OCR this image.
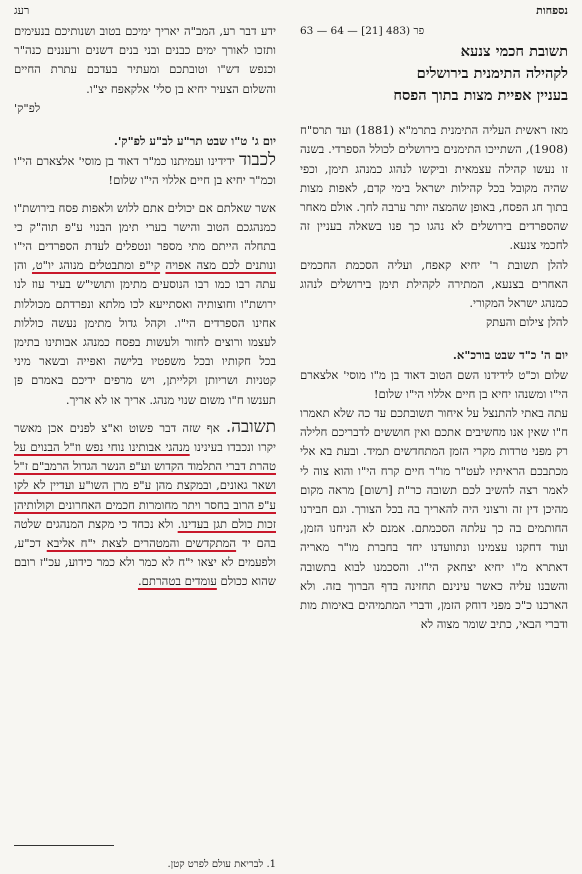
נספחות
רעג

63 — 64 — פר (483 [21]

תשובת חכמי צנעא

לקהילה התימנית בירושלים

בעניין אפיית מצות בתוך הפסח

מאז ראשית העליה התימנית בתרמ"א (1881) ועד תרס"ח (1908), השתייכו התימנים בירושלים לכולל הספרדי. בשנה זו נעשו קהילה עצמאית וביקשו לנהוג כמנהג תימן, וכפי שהיה מקובל בכל קהילות ישראל בימי קדם, לאפות מצות בתוך חג הפסח, באופן שהמצה יותר ערבה לחך. אולם מאחר שהספרדים בירושלים לא נהגו כך פנו בשאלה בעניין זה לחכמי צנעא.

להלן תשובת ר' יחיא קאפח, ועליה הסכמת החכמים האחרים בצנעא, המתירה לקהילת תימן בירושלים לנהוג כמנהג ישראל המקורי.

להלן צילום והעתק

יום ה' כ"ד שבט בורכ"א.

שלום וכ"ט לידידנו השם הטוב דאוד בן מ"ו מוסי' אלצארם הי"ו ומשנהו יחיא בן חיים אללוי הי"ו שלום!

עתה באתי להתנצל על איחור תשובתכם עד כה שלא תאמרו ח"ו שאין אנו מחשיבים אתכם ואין חוששים לדבריכם חלילה רק מפני טרדות מקרי הזמן המתחדשים תמיד. ובעת בא אלי מכתבכם הראיתיו לעט"ר מו"ר חיים קרח הי"ו והוא צוה לי לאמר רצה להשיב לכם תשובה כר"ת [רשום] מראה מקום מהיכן דין זה ורצוני היה להאריך בה בכל הצורך. וגם חבירנו החותמים בה כך עלתה הסכמתם. אמנם לא הניחנו הזמן, ועוד דחקנו עצמינו ונתוועדנו יחד בחברת מו"ר מאריה דאתרא מ"ו יחיא יצחאק הי"ו. והסכמנו לבוא בתשובה והשבנו עליה כאשר עינינם תחזינה בדף הברוך בזה. ולא הארכנו כ"כ מפני דוחק הזמן, ודברי המתמיהים באימות מות ודברי הבאי, כתיב שומר מצוה לא

ידע דבר רע, המב"ה יאריך ימיכם בטוב ושנותיכם בנעימים ותזכו לאורך ימים כבנים ובני בנים דשנים ורעננים כנה"ר וכנפש דש"ו וטובתכם ומעתיר בעדכם עתרת החיים והשלום הצעיר יחיא בן סלי' אלקאפח יצ"ו.

לפ"ק'

יום ג' ט"ו שבט תר"ע לב"ע לפ"ק'.

לכבוד ידידינו ועמיתנו כמ"ר דאוד בן מוסי' אלצארם הי"ו וכמ"ר יחיא בן חיים אללוי הי"ו שלום!

אשר שאלתם אם יכולים אתם ללוש ולאפות פסח בירושת"ו כמנהגכם הטוב והישר בערי תימן הבנוי ע"פ תוה"ק כי בתחלה הייתם מתי מספר ונטפלים לעדת הספרדים הי"ו ונותנים לכם מצה אפויה קי"פ ומתבטלים מנוהג יו"ט, והן עתה רבו כמו רבו הנוסעים מתימן ותושי"ש בעיר עוז לנו ירושת"ו וחוצותיה ואסתייעא לכו מלתא ונפרדתם מכוללות אחינו הספרדים הי"ו. וקהל גדול מתימן נעשה כוללות לעצמו ורוצים לחזור ולעשות בפסח כמנהג אבותינו בתימן בכל חקותיו ובכל משפטיו בלישה ואפייה ובשאר מיני קטניות ושריותן וקלייתן, ויש מרפים ידיכם באמרם פן תענשו ח"ו משום שנוי מנהג. אריך או לא אריך.

תשובה. אף שזה דבר פשוט וא"צ לפנים אכן מאשר יקרו ונכבדו בעינינו מנהגי אבותינו נוחי נפש וז"ל הבנוים על טהרת דברי התלמוד הקדוש וע"פ הנשר הגדול הרמב"ם ז"ל ושאר גאונים, ובמקצת מהן ע"פ מרן השו"ע ועדיין לא לקו ע"פ הרוב בחסר ויתר מחומרות חכמים האחרונים וקולותיהן זכות כולם תגן בעדינו. ולא נכחד כי מקצת המנהגים שלטה בהם יד המתקדשים והמטהרים לצאת י"ח אליבא דכ"ע, ולפעמים לא יצאו י"ח לא כמר ולא כמר כידוע, עכ"ז רובם שהוא ככולם עומדים בטהרתם.

1. לבריאת עולם לפרט קטן.
